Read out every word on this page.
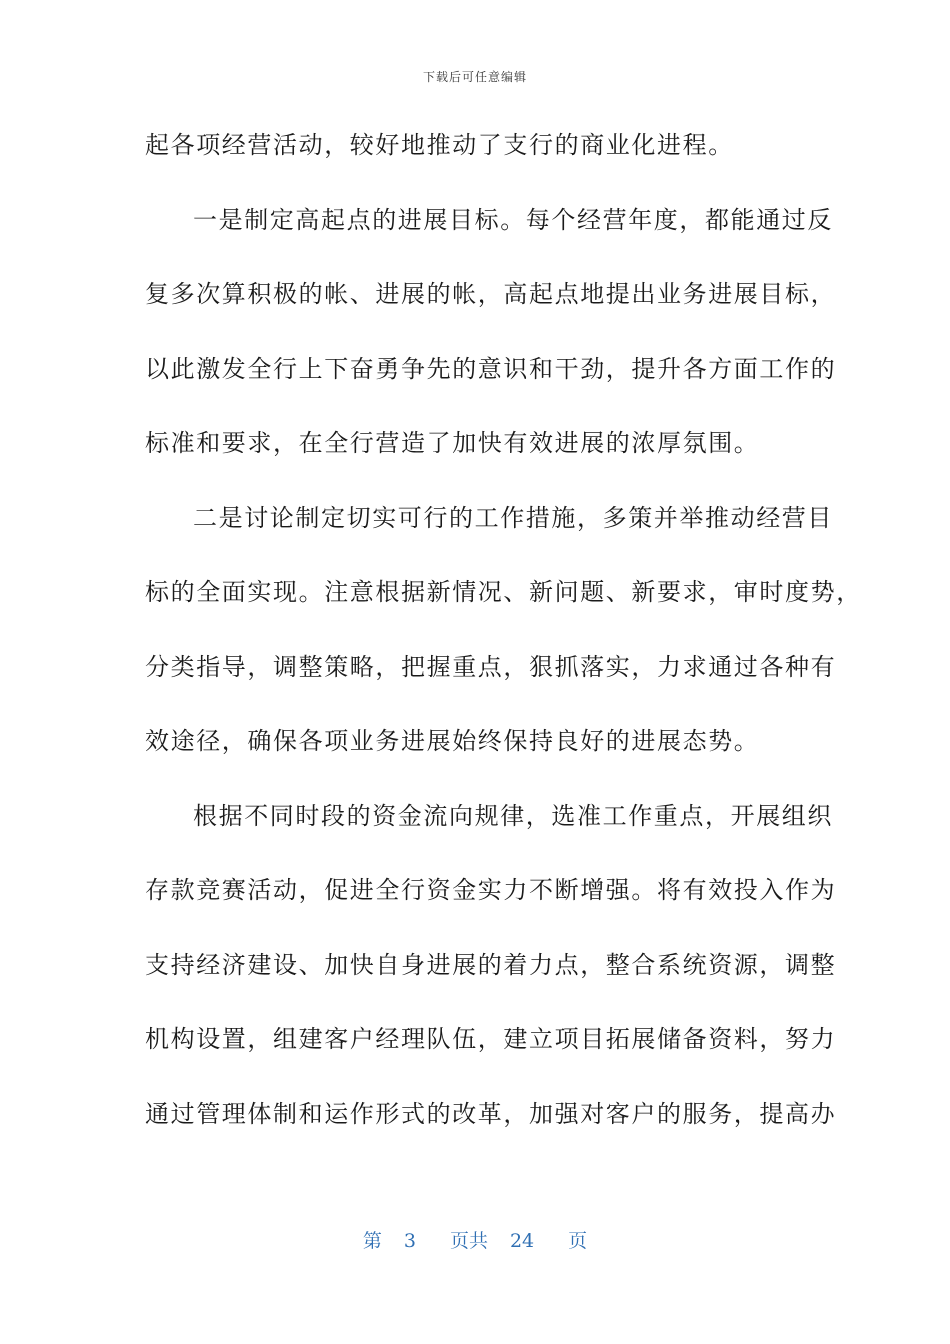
下载后可任意编辑
起各项经营活动，较好地推动了支行的商业化进程。
一是制定高起点的进展目标。每个经营年度，都能通过反
复多次算积极的帐、进展的帐，高起点地提出业务进展目标，
以此激发全行上下奋勇争先的意识和干劲，提升各方面工作的
标准和要求，在全行营造了加快有效进展的浓厚氛围。
二是讨论制定切实可行的工作措施，多策并举推动经营目
标的全面实现。注意根据新情况、新问题、新要求，审时度势，
分类指导，调整策略，把握重点，狠抓落实，力求通过各种有
效途径，确保各项业务进展始终保持良好的进展态势。
根据不同时段的资金流向规律，选准工作重点，开展组织
存款竞赛活动，促进全行资金实力不断增强。将有效投入作为
支持经济建设、加快自身进展的着力点，整合系统资源，调整
机构设置，组建客户经理队伍，建立项目拓展储备资料，努力
通过管理体制和运作形式的改革，加强对客户的服务，提高办
第 3 页共 24 页
